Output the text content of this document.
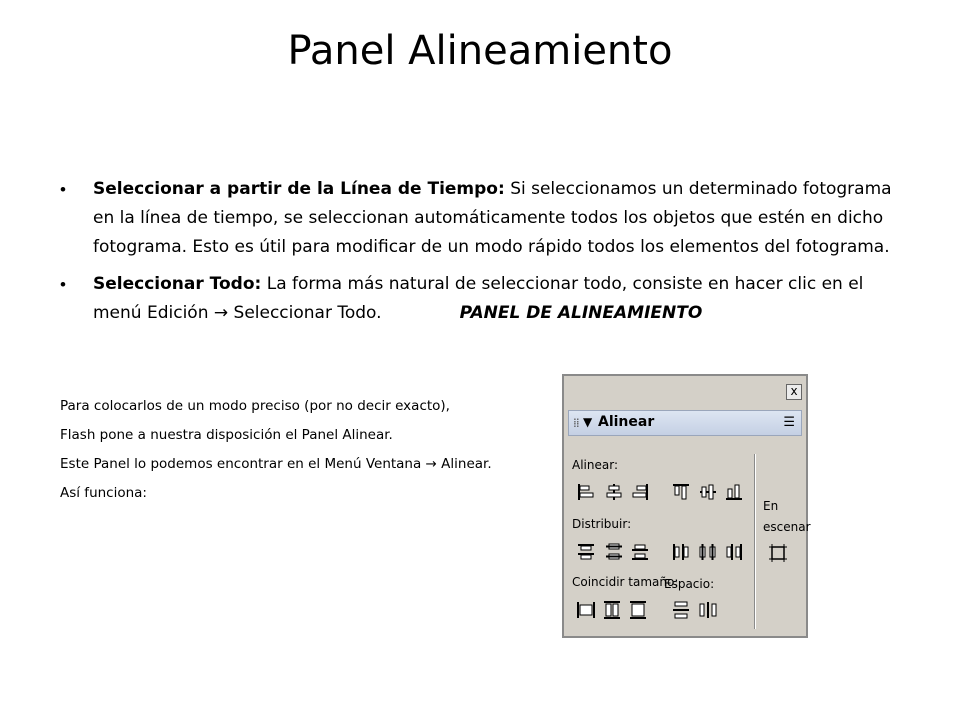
Panel Alineamiento
• Seleccionar a partir de la Línea de Tiempo: Si seleccionamos un determinado fotograma en la línea de tiempo, se seleccionan automáticamente todos los objetos que estén en dicho fotograma. Esto es útil para modificar de un modo rápido todos los elementos del fotograma.
• Seleccionar Todo: La forma más natural de seleccionar todo, consiste en hacer clic en el menú Edición → Seleccionar Todo.	PANEL DE ALINEAMIENTO
Para colocarlos de un modo preciso (por no decir exacto),
Flash pone a nuestra disposición el Panel Alinear.
Este Panel lo podemos encontrar en el Menú Ventana → Alinear.
Así funciona:
x
⁞⁞ ▼ Alinear	☰
Alinear:
Distribuir:
Coincidir tamaño:
Espacio:
En
escenar
